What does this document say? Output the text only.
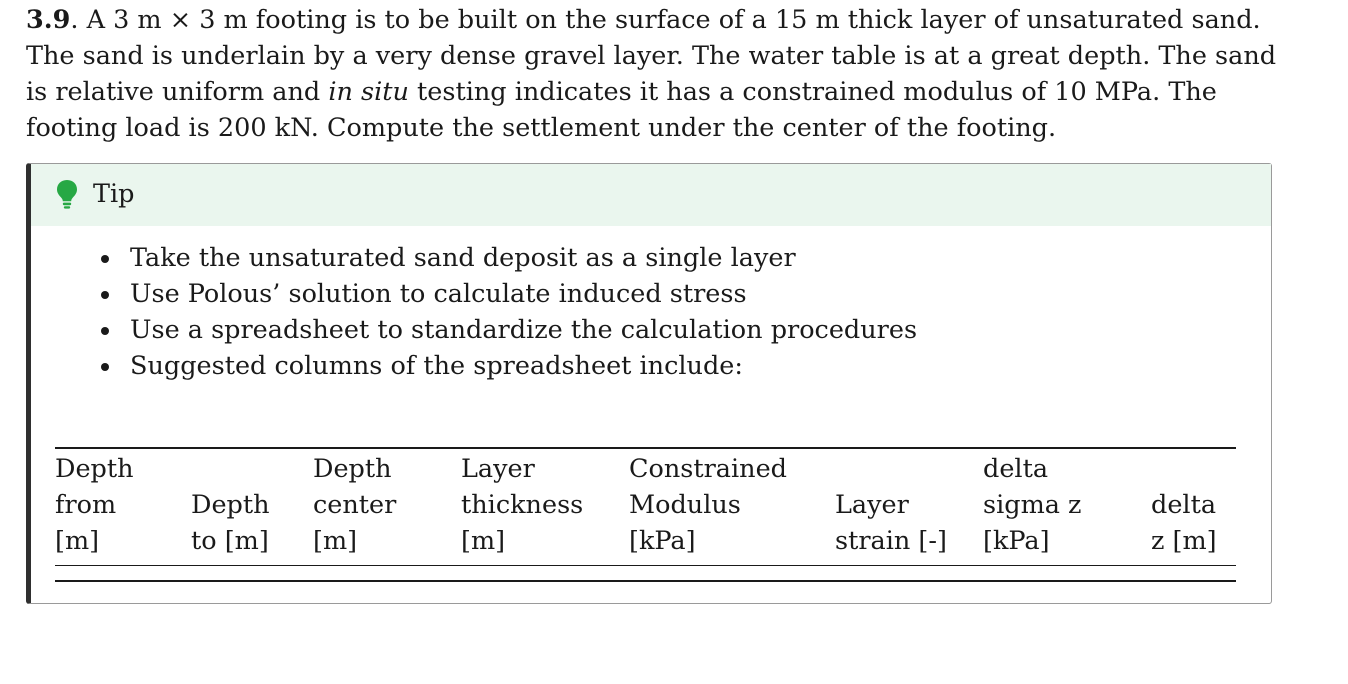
3.9. A 3 m × 3 m footing is to be built on the surface of a 15 m thick layer of unsaturated sand. The sand is underlain by a very dense gravel layer. The water table is at a great depth. The sand is relative uniform and in situ testing indicates it has a constrained modulus of 10 MPa. The footing load is 200 kN. Compute the settlement under the center of the footing.
Tip
Take the unsaturated sand deposit as a single layer
Use Polous’ solution to calculate induced stress
Use a spreadsheet to standardize the calculation procedures
Suggested columns of the spreadsheet include:
Depth
from
[m]

Depth
to [m]
Depth
center
[m]
Layer
thickness
[m]
Constrained
Modulus
[kPa]

Layer
strain [-]
delta
sigma z
[kPa]

delta
z [m]
